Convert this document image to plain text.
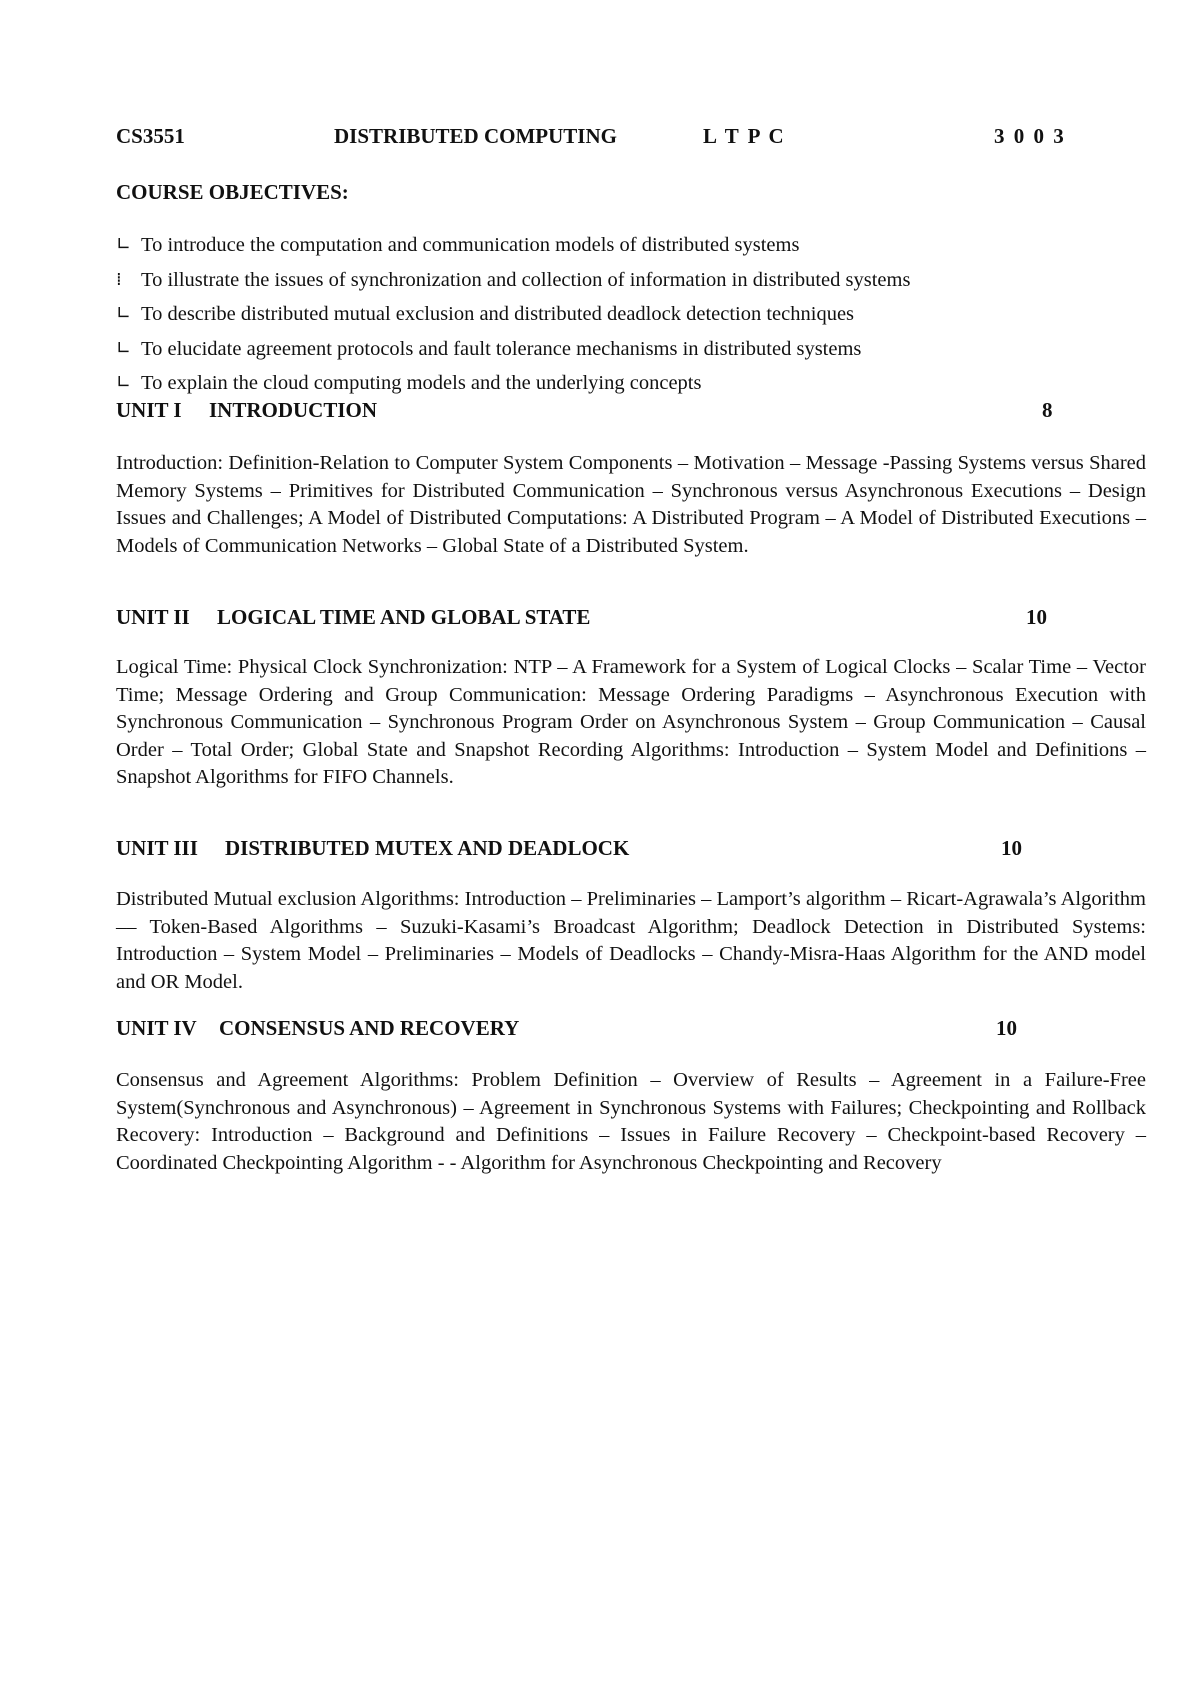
CS3551	DISTRIBUTED COMPUTING	L T P C	3 0 0 3
COURSE OBJECTIVES:
∟ To introduce the computation and communication models of distributed systems
⁞ To illustrate the issues of synchronization and collection of information in distributed systems
∟ To describe distributed mutual exclusion and distributed deadlock detection techniques
∟ To elucidate agreement protocols and fault tolerance mechanisms in distributed systems
∟ To explain the cloud computing models and the underlying concepts
UNIT I INTRODUCTION	8

Introduction: Definition-Relation to Computer System Components – Motivation – Message -Passing Systems versus Shared Memory Systems – Primitives for Distributed Communication – Synchronous versus Asynchronous Executions – Design Issues and Challenges; A Model of Distributed Computations: A Distributed Program – A Model of Distributed Executions – Models of Communication Networks – Global State of a Distributed System.

UNIT II LOGICAL TIME AND GLOBAL STATE	10

Logical Time: Physical Clock Synchronization: NTP – A Framework for a System of Logical Clocks – Scalar Time – Vector Time; Message Ordering and Group Communication: Message Ordering Paradigms – Asynchronous Execution with Synchronous Communication – Synchronous Program Order on Asynchronous System – Group Communication – Causal Order – Total Order; Global State and Snapshot Recording Algorithms: Introduction – System Model and Definitions – Snapshot Algorithms for FIFO Channels.

UNIT III DISTRIBUTED MUTEX AND DEADLOCK	10

Distributed Mutual exclusion Algorithms: Introduction – Preliminaries – Lamport’s algorithm – Ricart-Agrawala’s Algorithm –– Token-Based Algorithms – Suzuki-Kasami’s Broadcast Algorithm; Deadlock Detection in Distributed Systems: Introduction – System Model – Preliminaries – Models of Deadlocks – Chandy-Misra-Haas Algorithm for the AND model and OR Model.

UNIT IV CONSENSUS AND RECOVERY	10

Consensus and Agreement Algorithms: Problem Definition – Overview of Results – Agreement in a Failure-Free System(Synchronous and Asynchronous) – Agreement in Synchronous Systems with Failures; Checkpointing and Rollback Recovery: Introduction – Background and Definitions – Issues in Failure Recovery – Checkpoint-based Recovery – Coordinated Checkpointing Algorithm - - Algorithm for Asynchronous Checkpointing and Recovery
